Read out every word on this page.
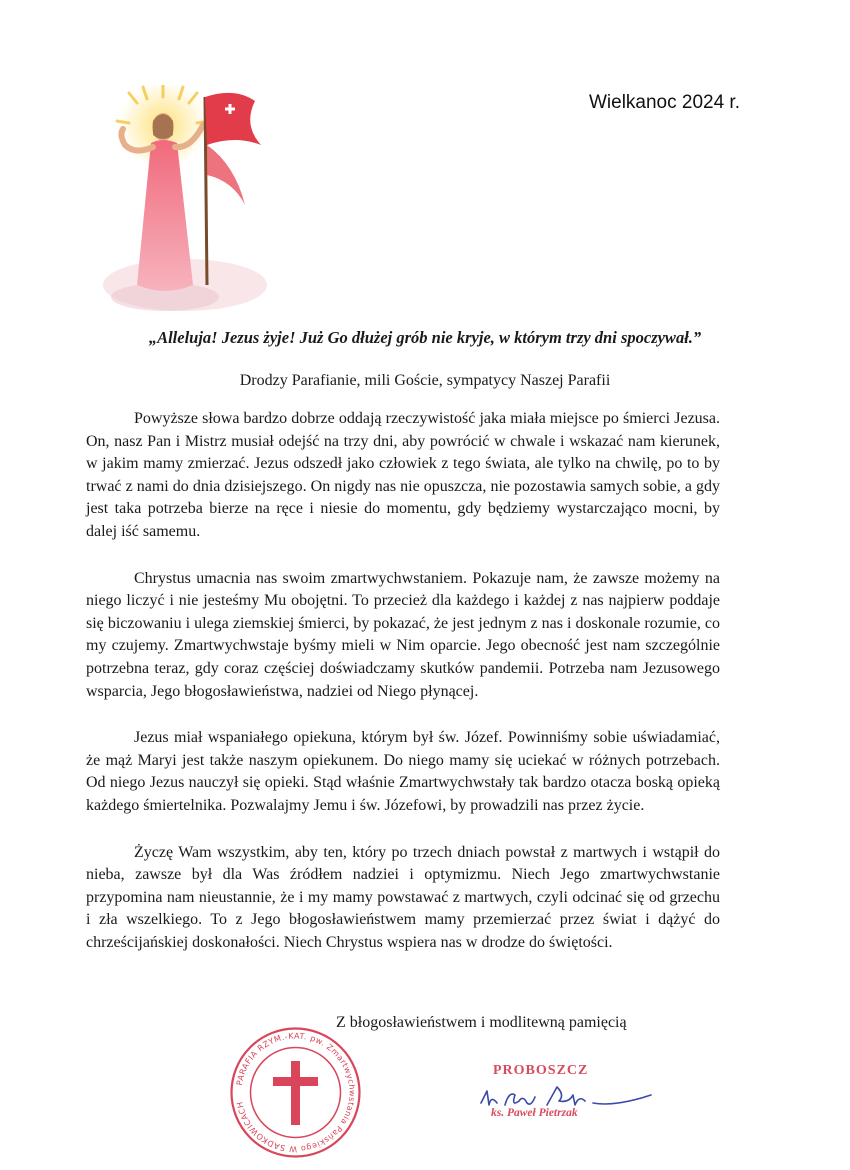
Wielkanoc 2024 r.
„Alleluja! Jezus żyje! Już Go dłużej grób nie kryje, w którym trzy dni spoczywał.”
Drodzy Parafianie, mili Goście, sympatycy Naszej Parafii

Powyższe słowa bardzo dobrze oddają rzeczywistość jaka miała miejsce po śmierci Jezusa. On, nasz Pan i Mistrz musiał odejść na trzy dni, aby powrócić w chwale i wskazać nam kierunek, w jakim mamy zmierzać. Jezus odszedł jako człowiek z tego świata, ale tylko na chwilę, po to by trwać z nami do dnia dzisiejszego. On nigdy nas nie opuszcza, nie pozostawia samych sobie, a gdy jest taka potrzeba bierze na ręce i niesie do momentu, gdy będziemy wystarczająco mocni, by dalej iść samemu.

Chrystus umacnia nas swoim zmartwychwstaniem. Pokazuje nam, że zawsze możemy na niego liczyć i nie jesteśmy Mu obojętni. To przecież dla każdego i każdej z nas najpierw poddaje się biczowaniu i ulega ziemskiej śmierci, by pokazać, że jest jednym z nas i doskonale rozumie, co my czujemy. Zmartwychwstaje byśmy mieli w Nim oparcie. Jego obecność jest nam szczególnie potrzebna teraz, gdy coraz częściej doświadczamy skutków pandemii. Potrzeba nam Jezusowego wsparcia, Jego błogosławieństwa, nadziei od Niego płynącej.

Jezus miał wspaniałego opiekuna, którym był św. Józef. Powinniśmy sobie uświadamiać, że mąż Maryi jest także naszym opiekunem. Do niego mamy się uciekać w różnych potrzebach. Od niego Jezus nauczył się opieki. Stąd właśnie Zmartwychwstały tak bardzo otacza boską opieką każdego śmiertelnika. Pozwalajmy Jemu i św. Józefowi, by prowadzili nas przez życie.

Życzę Wam wszystkim, aby ten, który po trzech dniach powstał z martwych i wstąpił do nieba, zawsze był dla Was źródłem nadziei i optymizmu. Niech Jego zmartwychwstanie przypomina nam nieustannie, że i my mamy powstawać z martwych, czyli odcinać się od grzechu i zła wszelkiego. To z Jego błogosławieństwem mamy przemierzać przez świat i dążyć do chrześcijańskiej doskonałości. Niech Chrystus wspiera nas w drodze do świętości.

Z błogosławieństwem i modlitewną pamięcią
PARAFIA RZYM.-KAT. pw. Zmartwychwstania Pańskiego W SADKOWICACH
PROBOSZCZ
ks. Paweł Pietrzak
